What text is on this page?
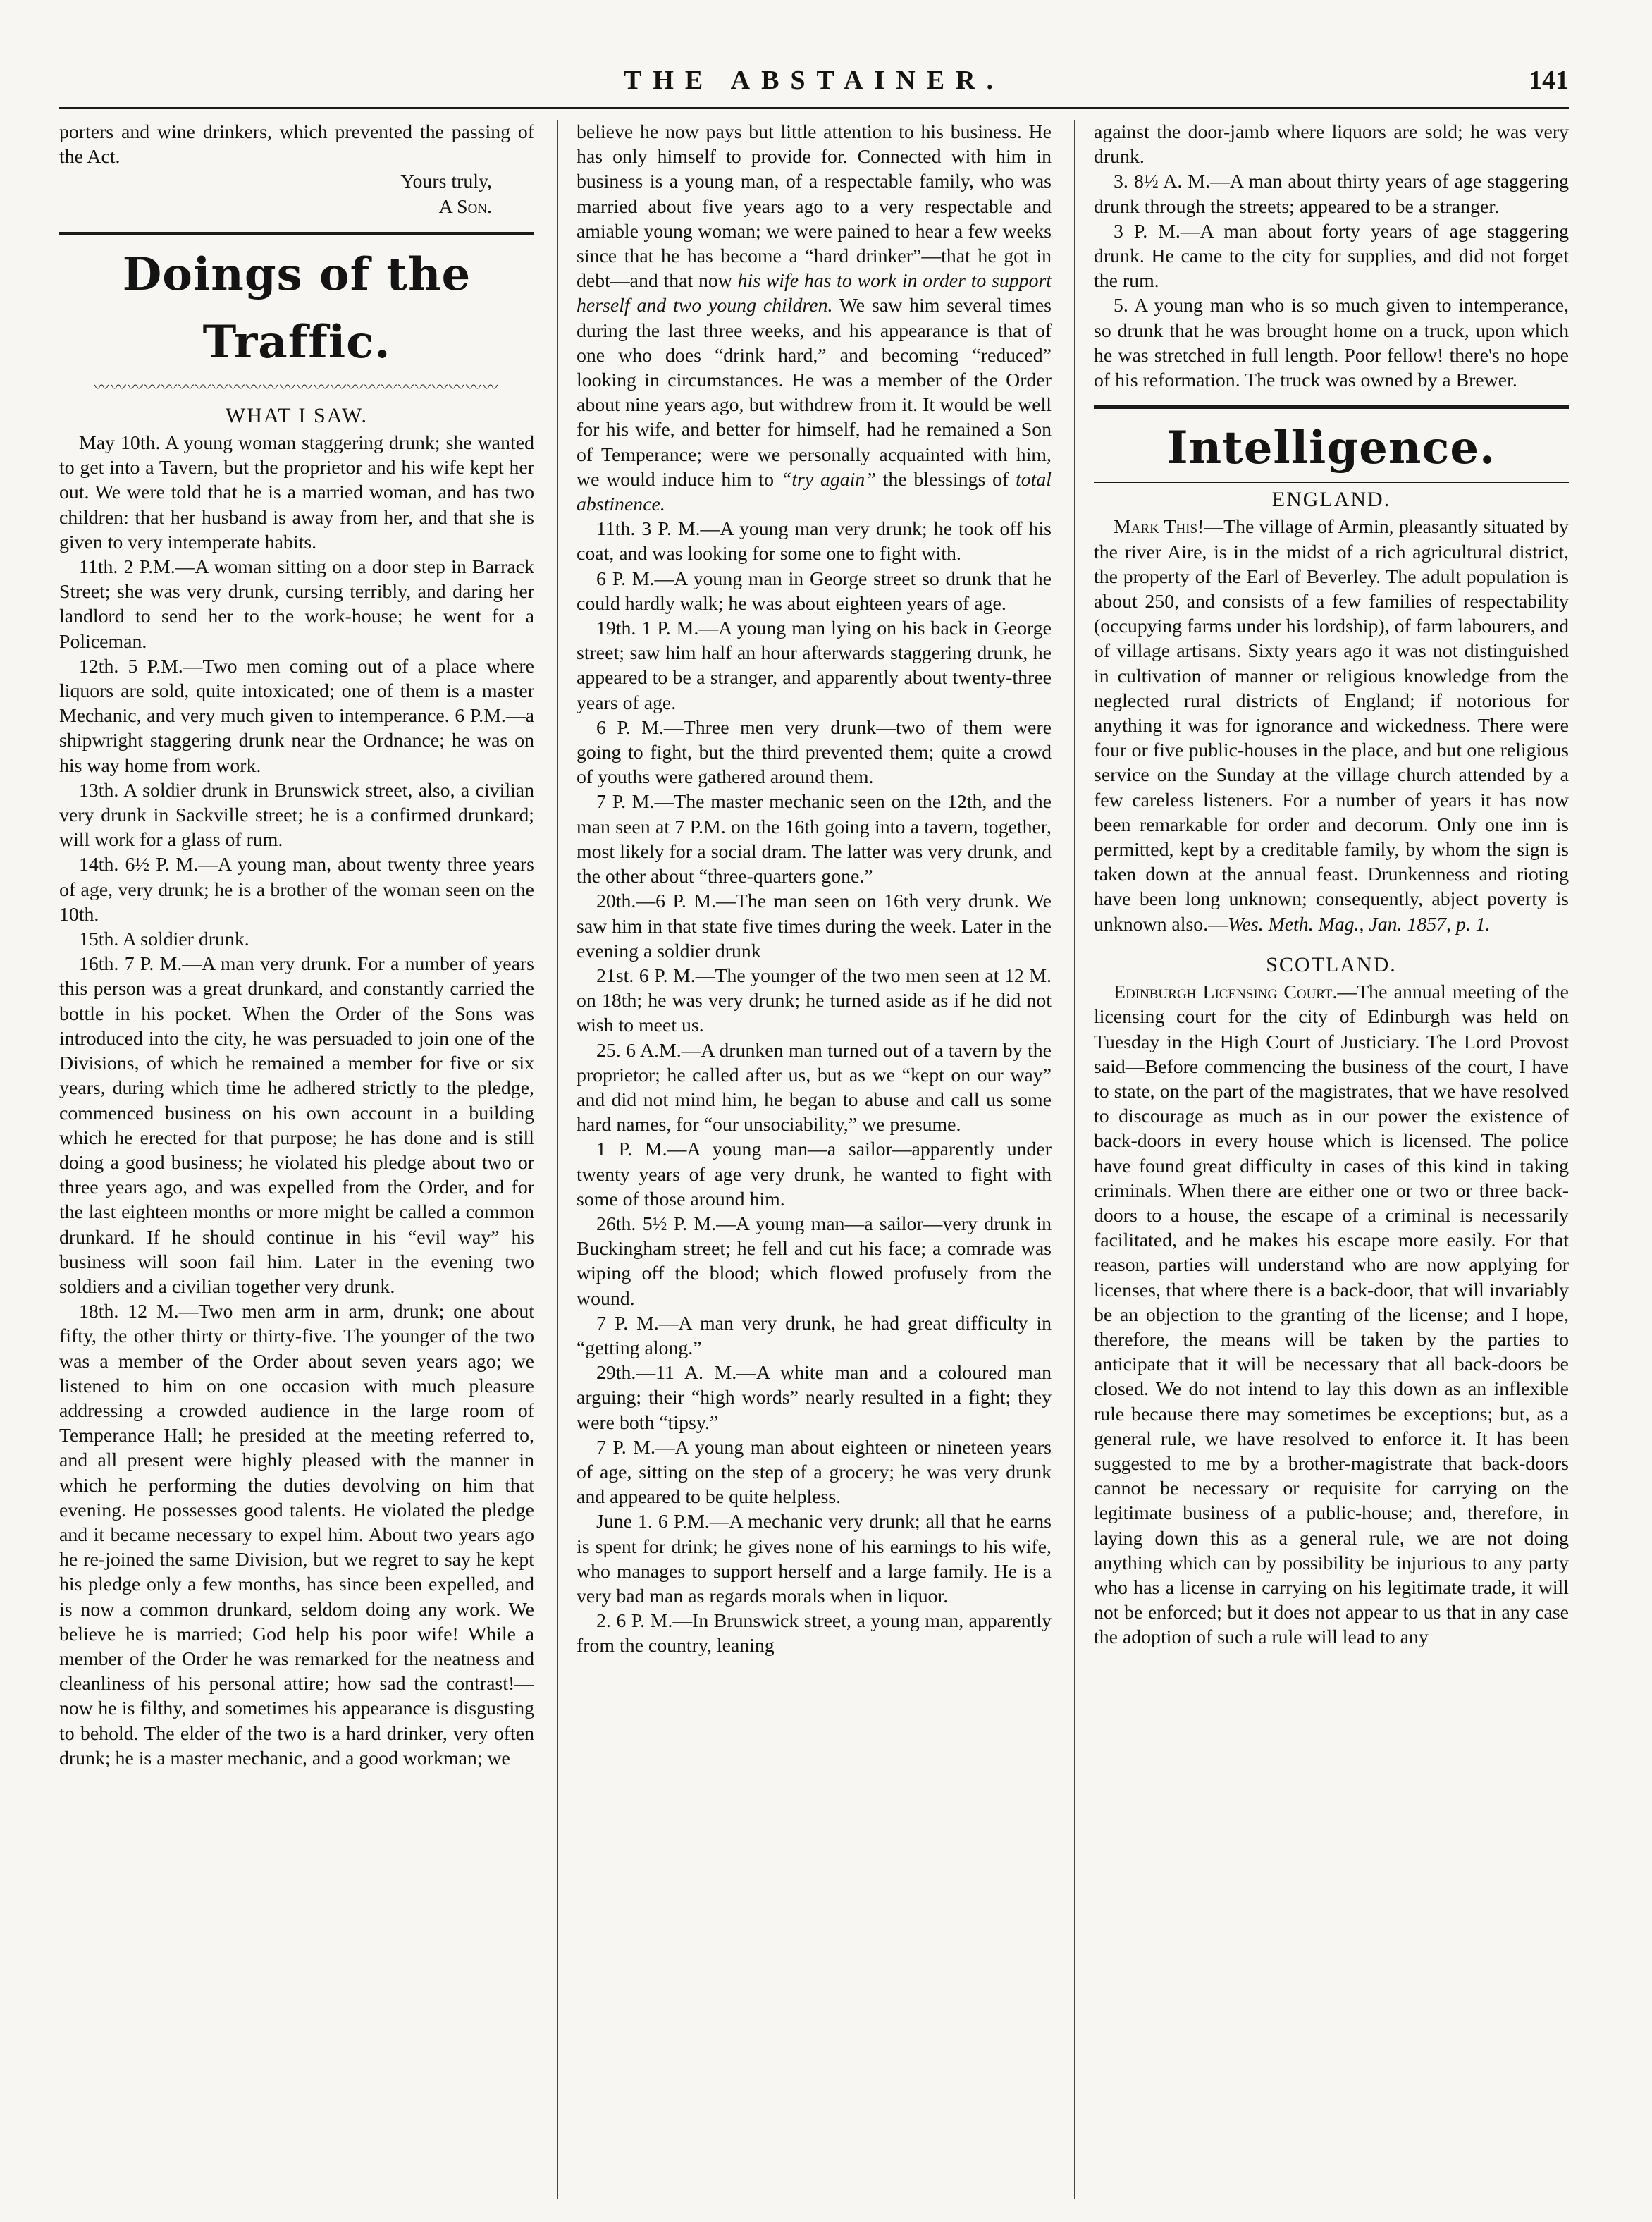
THE ABSTAINER.	141

porters and wine drinkers, which prevented the passing of the Act.

Yours truly,

A Son.

Doings of the Traffic.
〰〰〰〰〰〰〰〰〰〰〰〰〰〰〰〰〰〰〰〰〰〰〰〰

WHAT I SAW.

May 10th. A young woman staggering drunk; she wanted to get into a Tavern, but the proprietor and his wife kept her out. We were told that he is a married woman, and has two children: that her husband is away from her, and that she is given to very intemperate habits.

11th. 2 P.M.—A woman sitting on a door step in Barrack Street; she was very drunk, cursing terribly, and daring her landlord to send her to the work-house; he went for a Policeman.

12th. 5 P.M.—Two men coming out of a place where liquors are sold, quite intoxicated; one of them is a master Mechanic, and very much given to intemperance. 6 P.M.—a shipwright staggering drunk near the Ordnance; he was on his way home from work.

13th. A soldier drunk in Brunswick street, also, a civilian very drunk in Sackville street; he is a confirmed drunkard; will work for a glass of rum.

14th. 6½ P. M.—A young man, about twenty three years of age, very drunk; he is a brother of the woman seen on the 10th.

15th. A soldier drunk.

16th. 7 P. M.—A man very drunk. For a number of years this person was a great drunkard, and constantly carried the bottle in his pocket. When the Order of the Sons was introduced into the city, he was persuaded to join one of the Divisions, of which he remained a member for five or six years, during which time he adhered strictly to the pledge, commenced business on his own account in a building which he erected for that purpose; he has done and is still doing a good business; he violated his pledge about two or three years ago, and was expelled from the Order, and for the last eighteen months or more might be called a common drunkard. If he should continue in his “evil way” his business will soon fail him. Later in the evening two soldiers and a civilian together very drunk.

18th. 12 M.—Two men arm in arm, drunk; one about fifty, the other thirty or thirty-five. The younger of the two was a member of the Order about seven years ago; we listened to him on one occasion with much pleasure addressing a crowded audience in the large room of Temperance Hall; he presided at the meeting referred to, and all present were highly pleased with the manner in which he performing the duties devolving on him that evening. He possesses good talents. He violated the pledge and it became necessary to expel him. About two years ago he re-joined the same Division, but we regret to say he kept his pledge only a few months, has since been expelled, and is now a common drunkard, seldom doing any work. We believe he is married; God help his poor wife! While a member of the Order he was remarked for the neatness and cleanliness of his personal attire; how sad the contrast!—now he is filthy, and sometimes his appearance is disgusting to behold. The elder of the two is a hard drinker, very often drunk; he is a master mechanic, and a good workman; we

believe he now pays but little attention to his business. He has only himself to provide for. Connected with him in business is a young man, of a respectable family, who was married about five years ago to a very respectable and amiable young woman; we were pained to hear a few weeks since that he has become a “hard drinker”—that he got in debt—and that now his wife has to work in order to support herself and two young children. We saw him several times during the last three weeks, and his appearance is that of one who does “drink hard,” and becoming “reduced” looking in circumstances. He was a member of the Order about nine years ago, but withdrew from it. It would be well for his wife, and better for himself, had he remained a Son of Temperance; were we personally acquainted with him, we would induce him to “try again” the blessings of total abstinence.

11th. 3 P. M.—A young man very drunk; he took off his coat, and was looking for some one to fight with.

6 P. M.—A young man in George street so drunk that he could hardly walk; he was about eighteen years of age.

19th. 1 P. M.—A young man lying on his back in George street; saw him half an hour afterwards staggering drunk, he appeared to be a stranger, and apparently about twenty-three years of age.

6 P. M.—Three men very drunk—two of them were going to fight, but the third prevented them; quite a crowd of youths were gathered around them.

7 P. M.—The master mechanic seen on the 12th, and the man seen at 7 P.M. on the 16th going into a tavern, together, most likely for a social dram. The latter was very drunk, and the other about “three-quarters gone.”

20th.—6 P. M.—The man seen on 16th very drunk. We saw him in that state five times during the week. Later in the evening a soldier drunk

21st. 6 P. M.—The younger of the two men seen at 12 M. on 18th; he was very drunk; he turned aside as if he did not wish to meet us.

25. 6 A.M.—A drunken man turned out of a tavern by the proprietor; he called after us, but as we “kept on our way” and did not mind him, he began to abuse and call us some hard names, for “our unsociability,” we presume.

1 P. M.—A young man—a sailor—apparently under twenty years of age very drunk, he wanted to fight with some of those around him.

26th. 5½ P. M.—A young man—a sailor—very drunk in Buckingham street; he fell and cut his face; a comrade was wiping off the blood; which flowed profusely from the wound.

7 P. M.—A man very drunk, he had great difficulty in “getting along.”

29th.—11 A. M.—A white man and a coloured man arguing; their “high words” nearly resulted in a fight; they were both “tipsy.”

7 P. M.—A young man about eighteen or nineteen years of age, sitting on the step of a grocery; he was very drunk and appeared to be quite helpless.

June 1. 6 P.M.—A mechanic very drunk; all that he earns is spent for drink; he gives none of his earnings to his wife, who manages to support herself and a large family. He is a very bad man as regards morals when in liquor.

2. 6 P. M.—In Brunswick street, a young man, apparently from the country, leaning

against the door-jamb where liquors are sold; he was very drunk.

3. 8½ A. M.—A man about thirty years of age staggering drunk through the streets; appeared to be a stranger.

3 P. M.—A man about forty years of age staggering drunk. He came to the city for supplies, and did not forget the rum.

5. A young man who is so much given to intemperance, so drunk that he was brought home on a truck, upon which he was stretched in full length. Poor fellow! there's no hope of his reformation. The truck was owned by a Brewer.

Intelligence.

ENGLAND.

Mark This!—The village of Armin, pleasantly situated by the river Aire, is in the midst of a rich agricultural district, the property of the Earl of Beverley. The adult population is about 250, and consists of a few families of respectability (occupying farms under his lordship), of farm labourers, and of village artisans. Sixty years ago it was not distinguished in cultivation of manner or religious knowledge from the neglected rural districts of England; if notorious for anything it was for ignorance and wickedness. There were four or five public-houses in the place, and but one religious service on the Sunday at the village church attended by a few careless listeners. For a number of years it has now been remarkable for order and decorum. Only one inn is permitted, kept by a creditable family, by whom the sign is taken down at the annual feast. Drunkenness and rioting have been long unknown; consequently, abject poverty is unknown also.—Wes. Meth. Mag., Jan. 1857, p. 1.

SCOTLAND.

Edinburgh Licensing Court.—The annual meeting of the licensing court for the city of Edinburgh was held on Tuesday in the High Court of Justiciary. The Lord Provost said—Before commencing the business of the court, I have to state, on the part of the magistrates, that we have resolved to discourage as much as in our power the existence of back-doors in every house which is licensed. The police have found great difficulty in cases of this kind in taking criminals. When there are either one or two or three back-doors to a house, the escape of a criminal is necessarily facilitated, and he makes his escape more easily. For that reason, parties will understand who are now applying for licenses, that where there is a back-door, that will invariably be an objection to the granting of the license; and I hope, therefore, the means will be taken by the parties to anticipate that it will be necessary that all back-doors be closed. We do not intend to lay this down as an inflexible rule because there may sometimes be exceptions; but, as a general rule, we have resolved to enforce it. It has been suggested to me by a brother-magistrate that back-doors cannot be necessary or requisite for carrying on the legitimate business of a public-house; and, therefore, in laying down this as a general rule, we are not doing anything which can by possibility be injurious to any party who has a license in carrying on his legitimate trade, it will not be enforced; but it does not appear to us that in any case the adoption of such a rule will lead to any
